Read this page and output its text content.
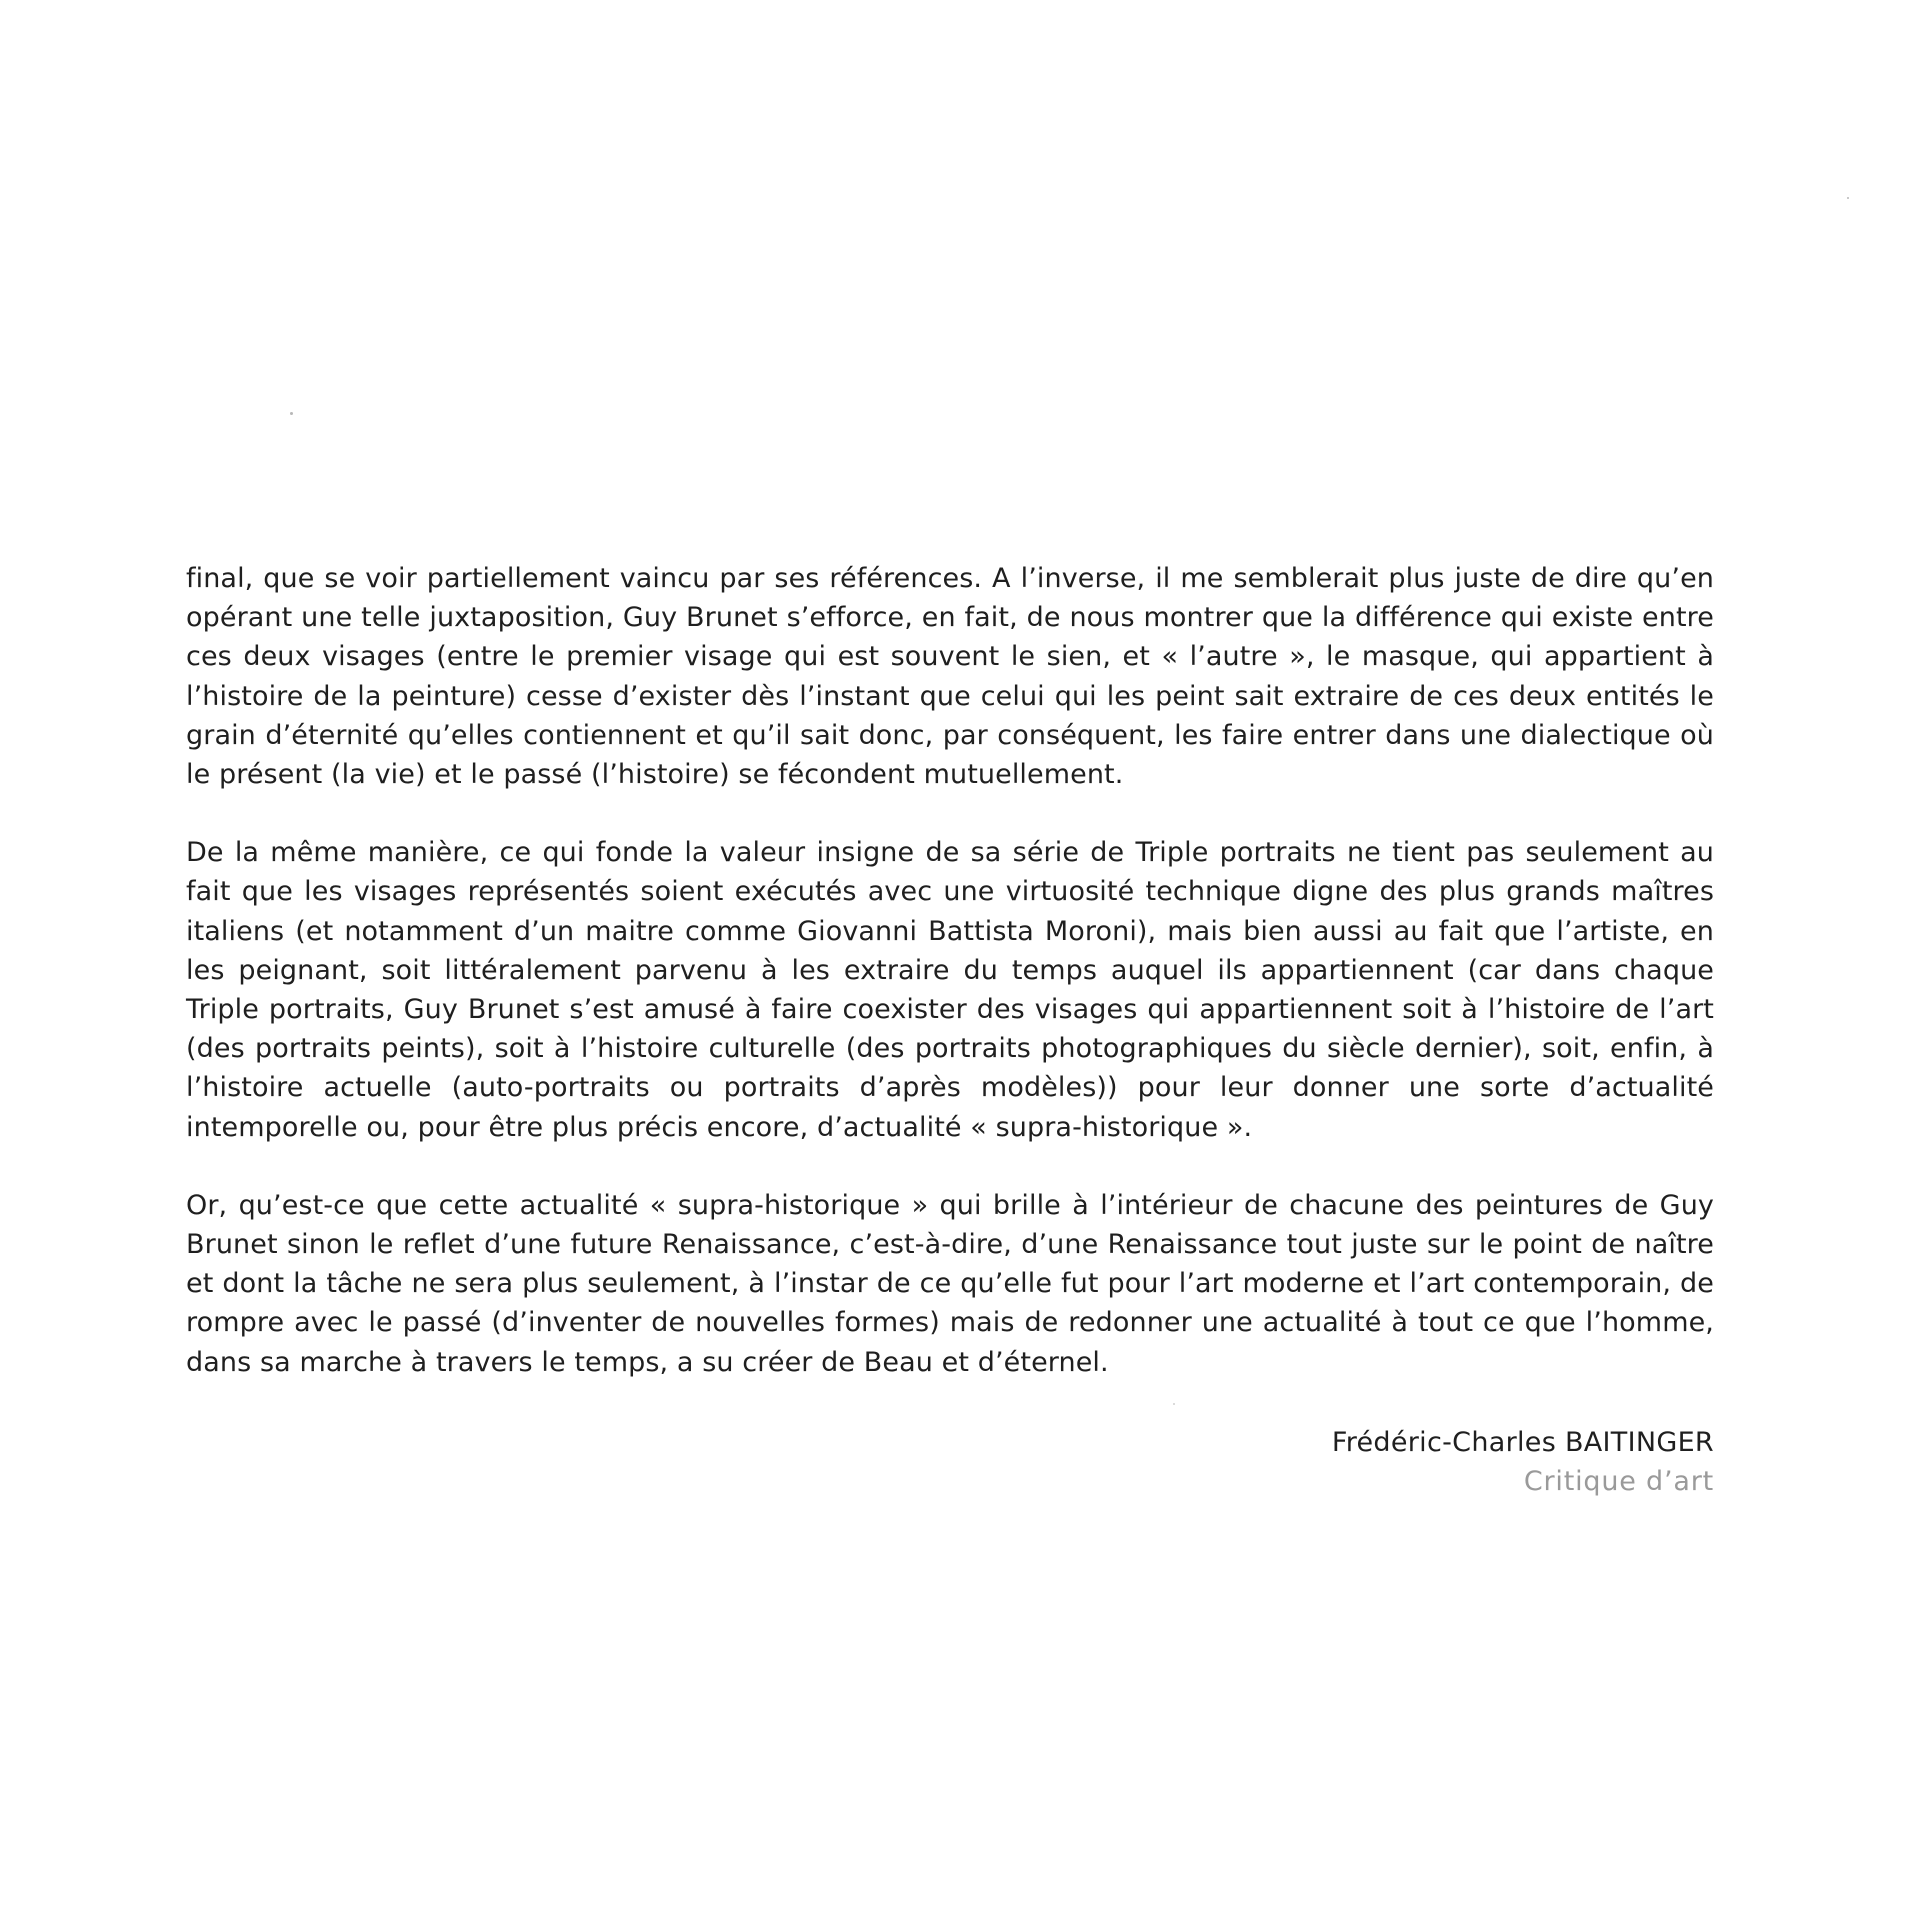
final, que se voir partiellement vaincu par ses références. A l’inverse, il me semblerait plus juste de dire qu’en opérant une telle juxtaposition, Guy Brunet s’efforce, en fait, de nous montrer que la différence qui existe entre ces deux visages (entre le premier visage qui est souvent le sien, et « l’autre », le masque, qui appartient à l’histoire de la peinture) cesse d’exister dès l’instant que celui qui les peint sait extraire de ces deux entités le grain d’éternité qu’elles contiennent et qu’il sait donc, par conséquent, les faire entrer dans une dialectique où le présent (la vie) et le passé (l’histoire) se fécondent mutuellement.

De la même manière, ce qui fonde la valeur insigne de sa série de Triple portraits ne tient pas seulement au fait que les visages représentés soient exécutés avec une virtuosité technique digne des plus grands maîtres italiens (et notamment d’un maitre comme Giovanni Battista Moroni), mais bien aussi au fait que l’artiste, en les peignant, soit littéralement parvenu à les extraire du temps auquel ils appartiennent (car dans chaque Triple portraits, Guy Brunet s’est amusé à faire coexister des visages qui appartiennent soit à l’histoire de l’art (des portraits peints), soit à l’histoire culturelle (des portraits photographiques du siècle dernier), soit, enfin, à l’histoire actuelle (auto-portraits ou portraits d’après modèles)) pour leur donner une sorte d’actualité intemporelle ou, pour être plus précis encore, d’actualité « supra-historique ».

Or, qu’est-ce que cette actualité « supra-historique » qui brille à l’intérieur de chacune des peintures de Guy Brunet sinon le reflet d’une future Renaissance, c’est-à-dire, d’une Renaissance tout juste sur le point de naître et dont la tâche ne sera plus seulement, à l’instar de ce qu’elle fut pour l’art moderne et l’art contemporain, de rompre avec le passé (d’inventer de nouvelles formes) mais de redonner une actualité à tout ce que l’homme, dans sa marche à travers le temps, a su créer de Beau et d’éternel.

Frédéric-Charles BAITINGER
Critique d’art
